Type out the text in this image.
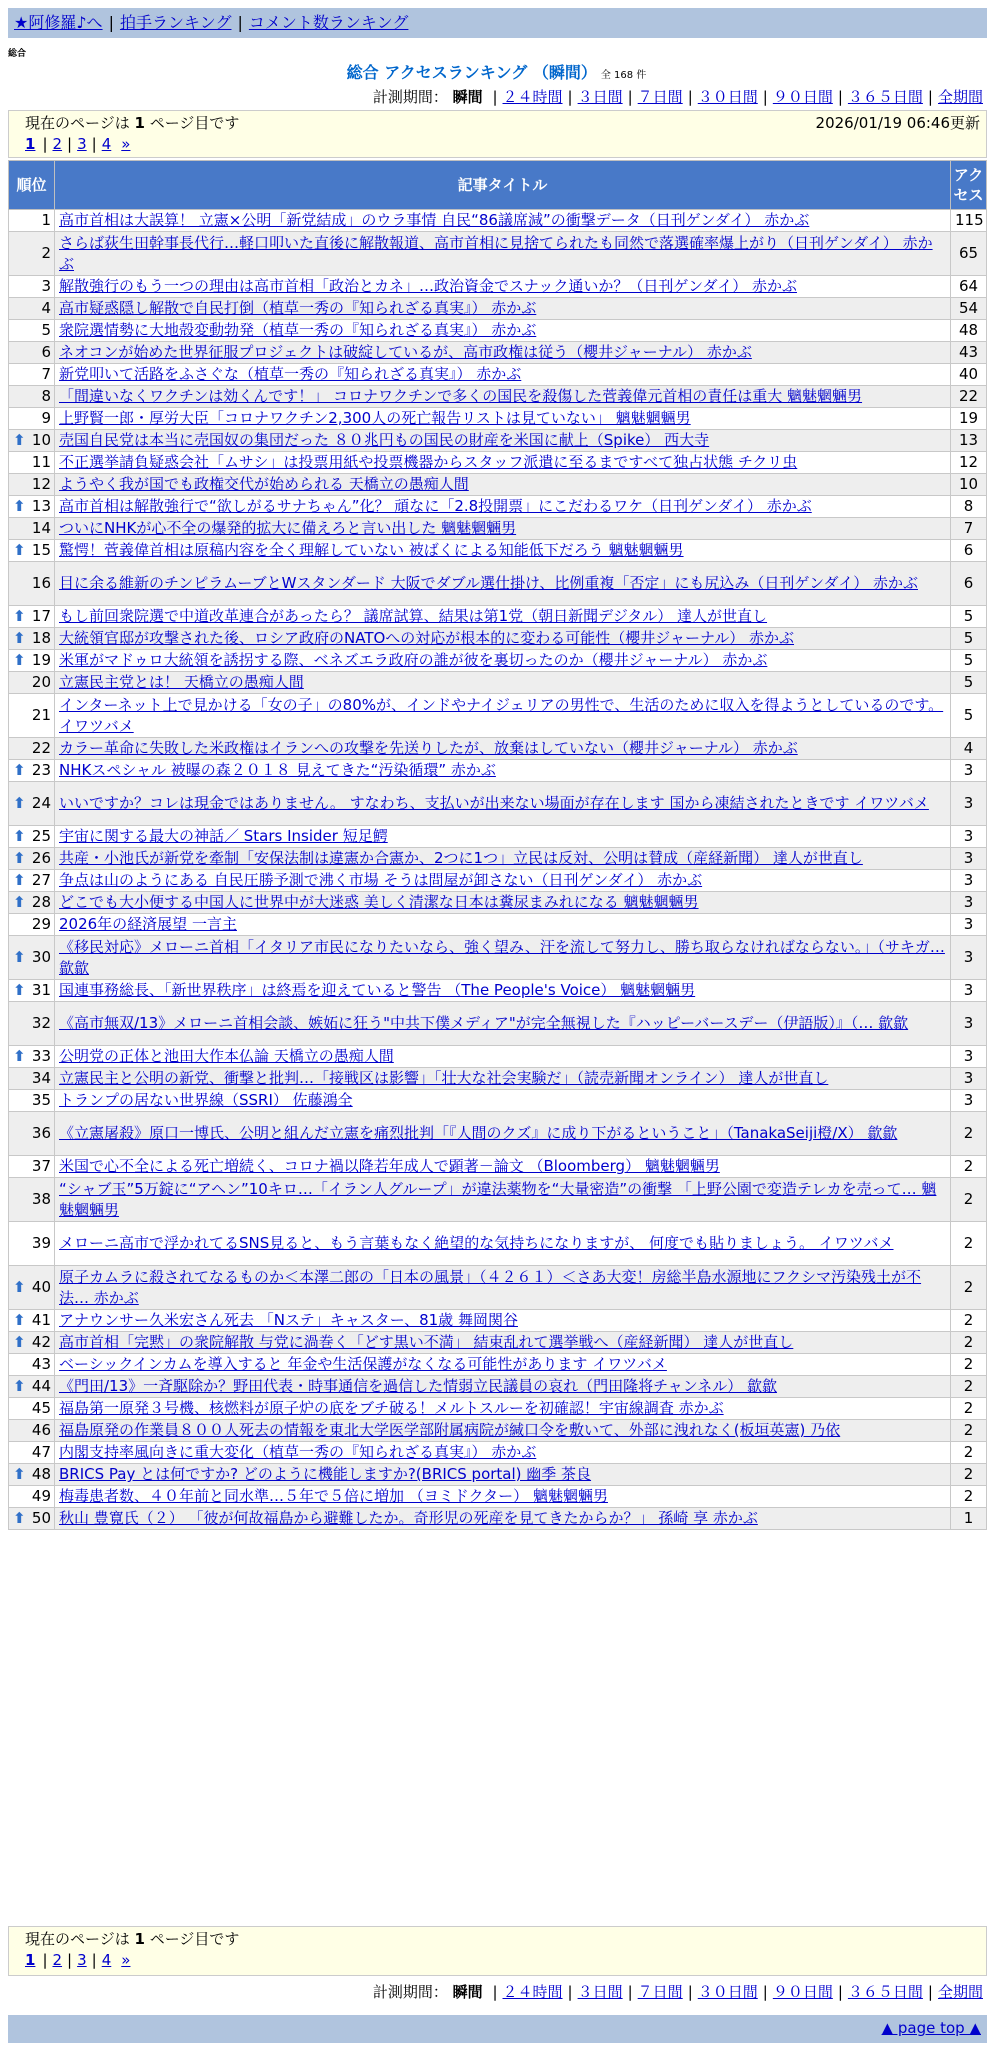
★阿修羅♪へ | 拍手ランキング | コメント数ランキング
総合
総合 アクセスランキング （瞬間） 全 168 件
計測期間： 瞬間 | ２４時間 | ３日間 | ７日間 | ３０日間 | ９０日間 | ３６５日間 | 全期間
現在のページは 1 ページ目です	2026/01/19 06:46更新
1 | 2 | 3 | 4 »
順位	記事タイトル	アクセス
1	高市首相は大誤算！ 立憲×公明「新党結成」のウラ事情 自民“86議席減”の衝撃データ（日刊ゲンダイ） 赤かぶ	115
2	さらば荻生田幹事長代行…軽口叩いた直後に解散報道、高市首相に見捨てられたも同然で落選確率爆上がり（日刊ゲンダイ） 赤かぶ	65
3	解散強行のもう一つの理由は高市首相「政治とカネ」…政治資金でスナック通いか？（日刊ゲンダイ） 赤かぶ	64
4	高市疑惑隠し解散で自民打倒（植草一秀の『知られざる真実』） 赤かぶ	54
5	衆院選情勢に大地殻変動勃発（植草一秀の『知られざる真実』） 赤かぶ	48
6	ネオコンが始めた世界征服プロジェクトは破綻しているが、高市政権は従う（櫻井ジャーナル） 赤かぶ	43
7	新党叩いて活路をふさぐな（植草一秀の『知られざる真実』） 赤かぶ	40
8	「間違いなくワクチンは効くんです！」 コロナワクチンで多くの国民を殺傷した菅義偉元首相の責任は重大 魑魅魍魎男	22
9	上野賢一郎・厚労大臣「コロナワクチン2,300人の死亡報告リストは見ていない」 魑魅魍魎男	19

⬆ 10	売国自民党は本当に売国奴の集団だった ８０兆円もの国民の財産を米国に献上（Spike） 西大寺	13
11	不正選挙請負疑惑会社「ムサシ」は投票用紙や投票機器からスタッフ派遣に至るまですべて独占状態 チクリ虫	12
12	ようやく我が国でも政権交代が始められる 天橋立の愚痴人間	10

⬆ 13	高市首相は解散強行で“欲しがるサナちゃん”化？ 頑なに「2.8投開票」にこだわるワケ（日刊ゲンダイ） 赤かぶ	8
14	ついにNHKが心不全の爆発的拡大に備えろと言い出した 魑魅魍魎男	7

⬆ 15	驚愕！菅義偉首相は原稿内容を全く理解していない 被ばくによる知能低下だろう 魑魅魍魎男	6
16	目に余る維新のチンピラムーブとWスタンダード 大阪でダブル選仕掛け、比例重複「否定」にも尻込み（日刊ゲンダイ） 赤かぶ	6

⬆ 17	もし前回衆院選で中道改革連合があったら？ 議席試算、結果は第1党（朝日新聞デジタル） 達人が世直し	5

⬆ 18	大統領官邸が攻撃された後、ロシア政府のNATOへの対応が根本的に変わる可能性（櫻井ジャーナル） 赤かぶ	5

⬆ 19	米軍がマドゥロ大統領を誘拐する際、ベネズエラ政府の誰が彼を裏切ったのか（櫻井ジャーナル） 赤かぶ	5
20	立憲民主党とは！ 天橋立の愚痴人間	5
21	インターネット上で見かける「女の子」の80%が、インドやナイジェリアの男性で、生活のために収入を得ようとしているのです。 イワツバメ	5
22	カラー革命に失敗した米政権はイランへの攻撃を先送りしたが、放棄はしていない（櫻井ジャーナル） 赤かぶ	4

⬆ 23	NHKスペシャル 被曝の森２０１８ 見えてきた“汚染循環” 赤かぶ	3

⬆ 24	いいですか？コレは現金ではありません。 すなわち、支払いが出来ない場面が存在します 国から凍結されたときです イワツバメ	3

⬆ 25	宇宙に関する最大の神話／ Stars Insider 短足鰐	3

⬆ 26	共産・小池氏が新党を牽制「安保法制は違憲か合憲か、2つに1つ」立民は反対、公明は賛成（産経新聞） 達人が世直し	3

⬆ 27	争点は山のようにある 自民圧勝予測で沸く市場 そうは問屋が卸さない（日刊ゲンダイ） 赤かぶ	3

⬆ 28	どこでも大小便する中国人に世界中が大迷惑 美しく清潔な日本は糞尿まみれになる 魑魅魍魎男	3
29	2026年の経済展望 一言主	3

⬆ 30	《移民対応》メローニ首相「イタリア市民になりたいなら、強く望み、汗を流して努力し、勝ち取らなければならない。」（サキガ… 歙歙	3

⬆ 31	国連事務総長、「新世界秩序」は終焉を迎えていると警告 （The People's Voice） 魑魅魍魎男	3
32	《高市無双/13》メローニ首相会談、嫉妬に狂う"中共下僕メディア"が完全無視した『ハッピーバースデー（伊語版）』（… 歙歙	3

⬆ 33	公明党の正体と池田大作本仏論 天橋立の愚痴人間	3
34	立憲民主と公明の新党、衝撃と批判…「接戦区は影響」「壮大な社会実験だ」（読売新聞オンライン） 達人が世直し	3
35	トランプの居ない世界線（SSRI） 佐藤鴻全	3
36	《立憲屠殺》原口一博氏、公明と組んだ立憲を痛烈批判「『人間のクズ』に成り下がるということ」（TanakaSeiji橙/X） 歙歙	2
37	米国で心不全による死亡増続く、コロナ禍以降若年成人で顕著－論文 （Bloomberg） 魑魅魍魎男	2
38	“シャブ玉”5万錠に“アヘン”10キロ…「イラン人グループ」が違法薬物を“大量密造”の衝撃 「上野公園で変造テレカを売って… 魑魅魍魎男	2
39	メローニ高市で浮かれてるSNS見ると、もう言葉もなく絶望的な気持ちになりますが、 何度でも貼りましょう。 イワツバメ	2

⬆ 40	原子カムラに殺されてなるものか＜本澤二郎の「日本の風景」（４２６１）＜さあ大変！房総半島水源地にフクシマ汚染残土が不法… 赤かぶ	2

⬆ 41	アナウンサー久米宏さん死去 「Nステ」キャスター、81歳 舞岡関谷	2

⬆ 42	高市首相「完黙」の衆院解散 与党に渦巻く「どす黒い不満」 結束乱れて選挙戦へ（産経新聞） 達人が世直し	2
43	ベーシックインカムを導入すると 年金や生活保護がなくなる可能性があります イワツバメ	2

⬆ 44	《門田/13》一斉駆除か？野田代表・時事通信を過信した情弱立民議員の哀れ（門田隆将チャンネル） 歙歙	2
45	福島第一原発３号機、核燃料が原子炉の底をブチ破る！メルトスルーを初確認！宇宙線調査 赤かぶ	2
46	福島原発の作業員８００人死去の情報を東北大学医学部附属病院が緘口令を敷いて、外部に洩れなく(板垣英憲) 乃依	2
47	内閣支持率風向きに重大変化（植草一秀の『知られざる真実』） 赤かぶ	2

⬆ 48	BRICS Pay とは何ですか? どのように機能しますか?(BRICS portal) 幽季 茶良	2
49	梅毒患者数、４０年前と同水準…５年で５倍に増加 （ヨミドクター） 魑魅魍魎男	2

⬆ 50	秋山 豊寛氏（２） 「彼が何故福島から避難したか。奇形児の死産を見てきたからか？」 孫崎 享 赤かぶ	1
現在のページは 1 ページ目です
1 | 2 | 3 | 4 »
計測期間： 瞬間 | ２４時間 | ３日間 | ７日間 | ３０日間 | ９０日間 | ３６５日間 | 全期間
▲ page top ▲
